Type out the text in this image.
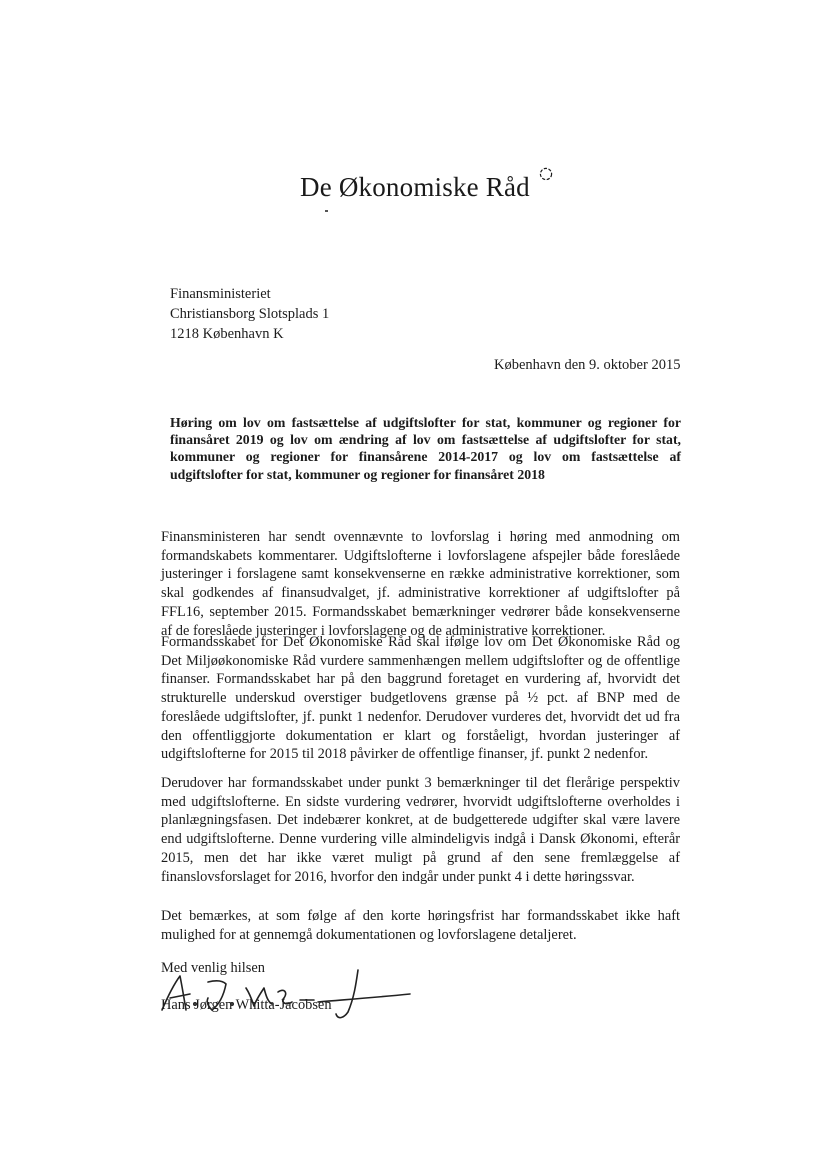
De Økonomiske Råd
Finansministeriet
Christiansborg Slotsplads 1
1218 København K
København den 9. oktober 2015
Høring om lov om fastsættelse af udgiftslofter for stat, kommuner og regioner for finansåret 2019 og lov om ændring af lov om fastsættelse af udgiftslofter for stat, kommuner og regioner for finansårene 2014-2017 og lov om fastsættelse af udgiftslofter for stat, kommuner og regioner for finansåret 2018
Finansministeren har sendt ovennævnte to lovforslag i høring med anmodning om formandskabets kommentarer. Udgiftslofterne i lovforslagene afspejler både foreslåede justeringer i forslagene samt konsekvenserne en række administrative korrektioner, som skal godkendes af finansudvalget, jf. administrative korrektioner af udgiftslofter på FFL16, september 2015. Formandsskabet bemærkninger vedrører både konsekvenserne af de foreslåede justeringer i lovforslagene og de administrative korrektioner.
Formandsskabet for Det Økonomiske Råd skal ifølge lov om Det Økonomiske Råd og Det Miljøøkonomiske Råd vurdere sammenhængen mellem udgiftslofter og de offentlige finanser. Formandsskabet har på den baggrund foretaget en vurdering af, hvorvidt det strukturelle underskud overstiger budgetlovens grænse på ½ pct. af BNP med de foreslåede udgiftslofter, jf. punkt 1 nedenfor. Derudover vurderes det, hvorvidt det ud fra den offentliggjorte dokumentation er klart og forståeligt, hvordan justeringer af udgiftslofterne for 2015 til 2018 påvirker de offentlige finanser, jf. punkt 2 nedenfor.
Derudover har formandsskabet under punkt 3 bemærkninger til det flerårige perspektiv med udgiftslofterne. En sidste vurdering vedrører, hvorvidt udgiftslofterne overholdes i planlægningsfasen. Det indebærer konkret, at de budgetterede udgifter skal være lavere end udgiftslofterne. Denne vurdering ville almindeligvis indgå i Dansk Økonomi, efterår 2015, men det har ikke været muligt på grund af den sene fremlæggelse af finanslovsforslaget for 2016, hvorfor den indgår under punkt 4 i dette høringssvar.
Det bemærkes, at som følge af den korte høringsfrist har formandsskabet ikke haft mulighed for at gennemgå dokumentationen og lovforslagene detaljeret.
Med venlig hilsen
Hans Jørgen Whitta-Jacobsen
